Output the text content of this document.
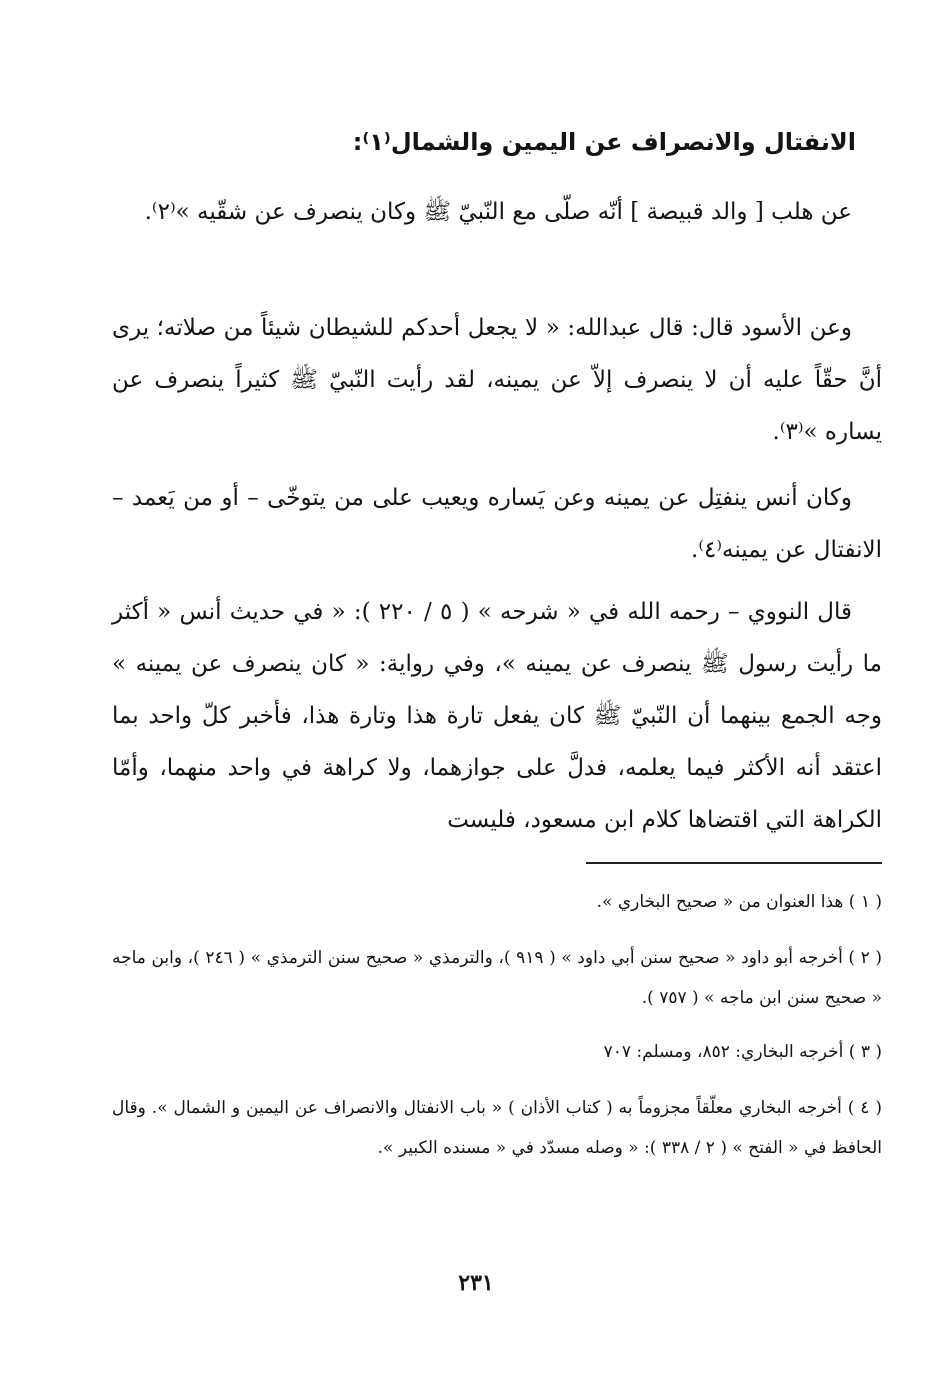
الانفتال والانصراف عن اليمين والشمال⁽١⁾:

عن هلب [ والد قبيصة ] أنّه صلّى مع النّبيّ ﷺ وكان ينصرف عن شقّيه »⁽٢⁾.

وعن الأسود قال: قال عبدالله: « لا يجعل أحدكم للشيطان شيئاً من صلاته؛ يرى أنَّ حقّاً عليه أن لا ينصرف إلاّ عن يمينه، لقد رأيت النّبيّ ﷺ كثيراً ينصرف عن يساره »⁽٣⁾.

وكان أنس ينفتِل عن يمينه وعن يَساره ويعيب على من يتوخّى – أو من يَعمد – الانفتال عن يمينه⁽٤⁾.

قال النووي – رحمه الله في « شرحه » ( ٥ / ٢٢٠ ): « في حديث أنس « أكثر ما رأيت رسول ﷺ ينصرف عن يمينه »، وفي رواية: « كان ينصرف عن يمينه » وجه الجمع بينهما أن النّبيّ ﷺ كان يفعل تارة هذا وتارة هذا، فأخبر كلّ واحد بما اعتقد أنه الأكثر فيما يعلمه، فدلَّ على جوازهما، ولا كراهة في واحد منهما، وأمّا الكراهة التي اقتضاها كلام ابن مسعود، فليست

( ١ ) هذا العنوان من « صحيح البخاري ».

( ٢ ) أخرجه أبو داود « صحيح سنن أبي داود » ( ٩١٩ )، والترمذي « صحيح سنن الترمذي » ( ٢٤٦ )، وابن ماجه « صحيح سنن ابن ماجه » ( ٧٥٧ ).

( ٣ ) أخرجه البخاري: ٨٥٢، ومسلم: ٧٠٧

( ٤ ) أخرجه البخاري معلّقاً مجزوماً به ( كتاب الأذان ) « باب الانفتال والانصراف عن اليمين و الشمال ». وقال الحافظ في « الفتح » ( ٢ / ٣٣٨ ): « وصله مسدّد في « مسنده الكبير ».

٢٣١
